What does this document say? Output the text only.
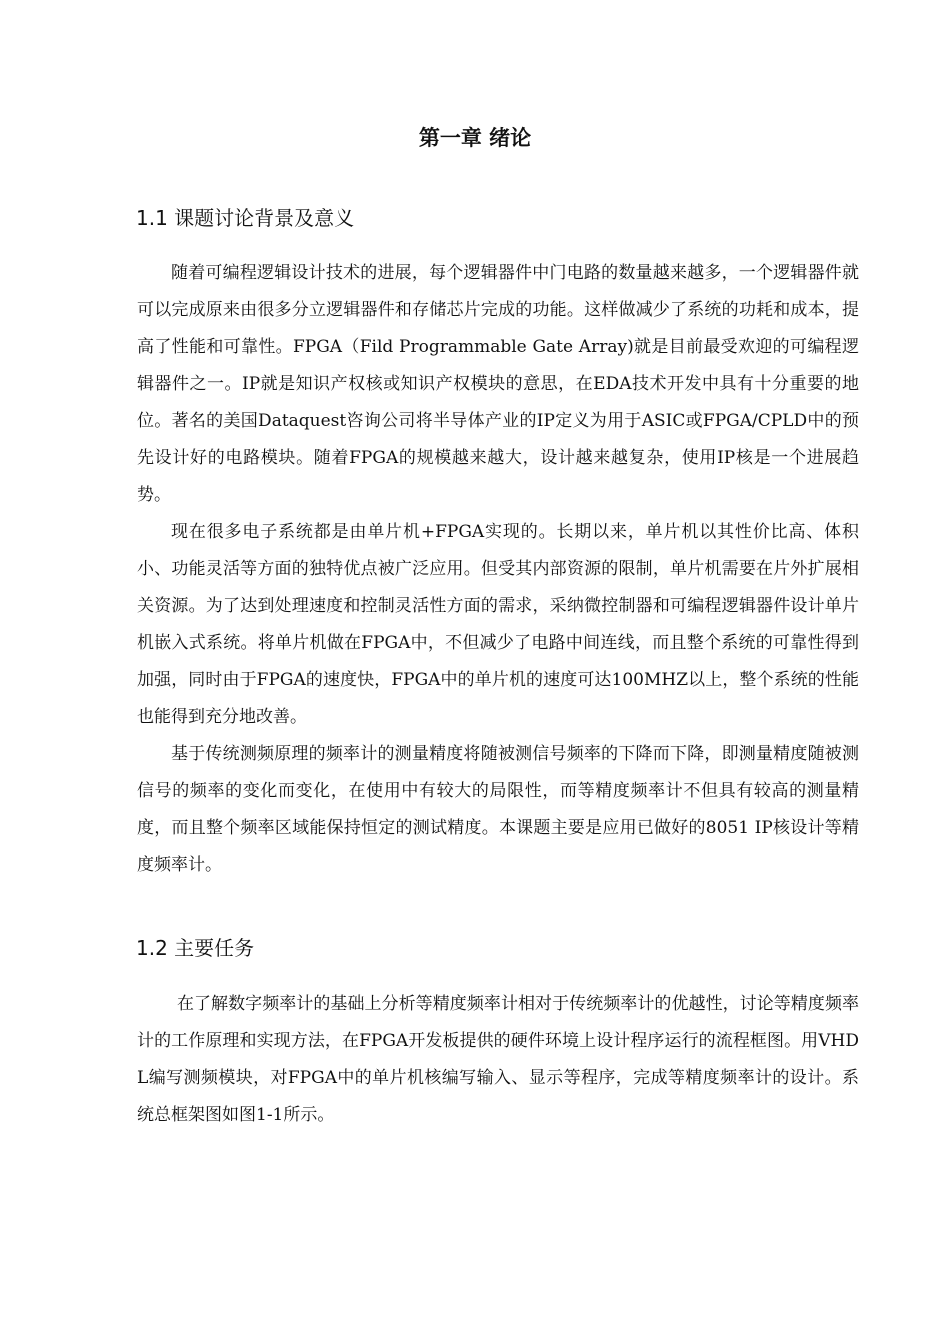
第一章 绪论
1.1 课题讨论背景及意义

随着可编程逻辑设计技术的进展，每个逻辑器件中门电路的数量越来越多，一个逻辑器件就可以完成原来由很多分立逻辑器件和存储芯片完成的功能。这样做减少了系统的功耗和成本，提高了性能和可靠性。FPGA（Fild Programmable Gate Array)就是目前最受欢迎的可编程逻辑器件之一。IP就是知识产权核或知识产权模块的意思，在EDA技术开发中具有十分重要的地位。著名的美国Dataquest咨询公司将半导体产业的IP定义为用于ASIC或FPGA/CPLD中的预先设计好的电路模块。随着FPGA的规模越来越大，设计越来越复杂，使用IP核是一个进展趋势。

现在很多电子系统都是由单片机+FPGA实现的。长期以来，单片机以其性价比高、体积小、功能灵活等方面的独特优点被广泛应用。但受其内部资源的限制，单片机需要在片外扩展相关资源。为了达到处理速度和控制灵活性方面的需求，采纳微控制器和可编程逻辑器件设计单片机嵌入式系统。将单片机做在FPGA中，不但减少了电路中间连线，而且整个系统的可靠性得到加强，同时由于FPGA的速度快，FPGA中的单片机的速度可达100MHZ以上，整个系统的性能也能得到充分地改善。

基于传统测频原理的频率计的测量精度将随被测信号频率的下降而下降，即测量精度随被测信号的频率的变化而变化，在使用中有较大的局限性，而等精度频率计不但具有较高的测量精度，而且整个频率区域能保持恒定的测试精度。本课题主要是应用已做好的8051 IP核设计等精度频率计。

1.2 主要任务

在了解数字频率计的基础上分析等精度频率计相对于传统频率计的优越性，讨论等精度频率计的工作原理和实现方法，在FPGA开发板提供的硬件环境上设计程序运行的流程框图。用VHDL编写测频模块，对FPGA中的单片机核编写输入、显示等程序，完成等精度频率计的设计。系统总框架图如图1-1所示。
